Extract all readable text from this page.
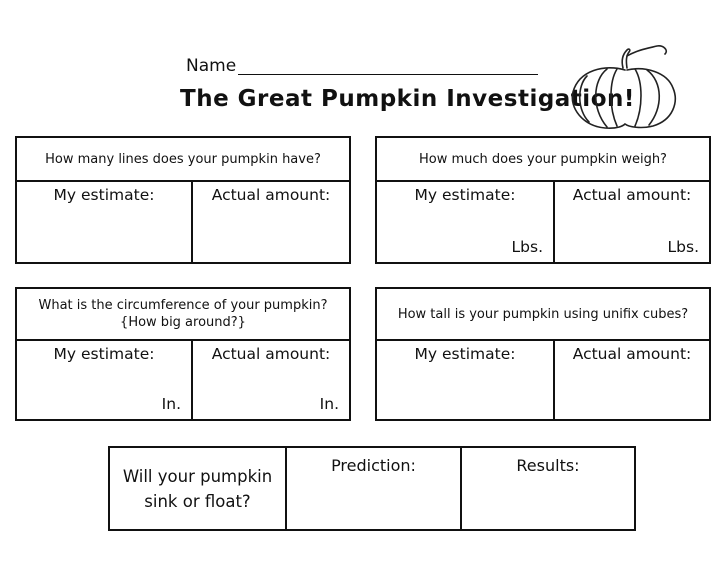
Name
The Great Pumpkin Investigation!
How many lines does your pumpkin have?
My estimate:	Actual amount:
How much does your pumpkin weigh?
My estimate:
Lbs.
Actual amount:
Lbs.
What is the circumference of your pumpkin? {How big around?}
My estimate:
In.
Actual amount:
In.
How tall is your pumpkin using unifix cubes?
My estimate:	Actual amount:
Will your pumpkin sink or float?
Prediction:	Results:
